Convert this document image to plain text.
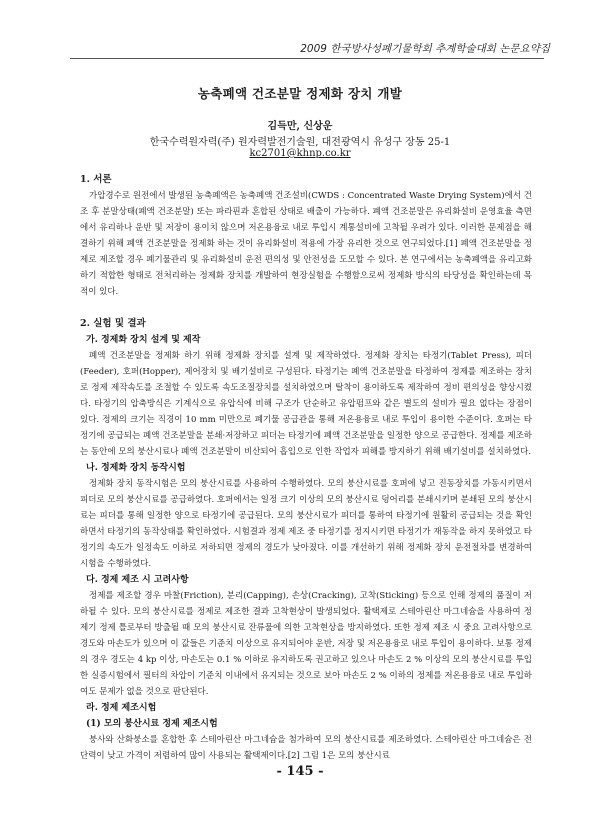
2009 한국방사성폐기물학회 추계학술대회 논문요약집
농축폐액 건조분말 정제화 장치 개발
김득만, 신상운
한국수력원자력(주) 원자력발전기술원, 대전광역시 유성구 장동 25-1
kc2701@khnp.co.kr
1. 서론

가압경수로 원전에서 발생된 농축폐액은 농축폐액 건조설비(CWDS : Concentrated Waste Drying System)에서 건조 후 분말상태(폐액 건조분말) 또는 파라핀과 혼합된 상태로 배출이 가능하다. 폐액 건조분말은 유리화설비 운영효율 측면에서 유리하나 운반 및 저장이 용이치 않으며 저온용융로 내로 투입시 계통설비에 고착될 우려가 있다. 이러한 문제점을 해결하기 위해 폐액 건조분말을 정제화 하는 것이 유리화설비 적용에 가장 유리한 것으로 연구되었다.[1] 폐액 건조분말을 정제로 제조할 경우 폐기물관리 및 유리화설비 운전 편의성 및 안전성을 도모할 수 있다. 본 연구에서는 농축폐액을 유리고화하기 적합한 형태로 전처리하는 정제화 장치를 개발하여 현장실험을 수행함으로써 정제화 방식의 타당성을 확인하는데 목적이 있다.

2. 실험 및 결과
가. 정제화 장치 설계 및 제작

폐액 건조분말을 정제화 하기 위해 정제화 장치를 설계 및 제작하였다. 정제화 장치는 타정기(Tablet Press), 피더(Feeder), 호퍼(Hopper), 제어장치 및 배기설비로 구성된다. 타정기는 폐액 건조분말을 타정하여 정제를 제조하는 장치로 정제 제작속도를 조절할 수 있도록 속도조절장치를 설치하였으며 탈착이 용이하도록 제작하여 정비 편의성을 향상시켰다. 타정기의 압축방식은 기계식으로 유압식에 비해 구조가 단순하고 유압펌프와 같은 별도의 설비가 필요 없다는 장점이 있다. 정제의 크기는 직경이 10 mm 미만으로 폐기물 공급관을 통해 저온용융로 내로 투입이 용이한 수준이다. 호퍼는 타정기에 공급되는 폐액 건조분말을 분쇄·저장하고 피더는 타정기에 폐액 건조분말을 일정한 양으로 공급한다. 정제를 제조하는 동안에 모의 붕산시료나 폐액 건조분말이 비산되어 흡입으로 인한 작업자 피해를 방지하기 위해 배기설비를 설치하였다.

나. 정제화 장치 동작시험

정제화 장치 동작시험은 모의 붕산시료를 사용하여 수행하였다. 모의 붕산시료를 호퍼에 넣고 진동장치를 가동시키면서 피더로 모의 붕산시료를 공급하였다. 호퍼에서는 일정 크기 이상의 모의 붕산시료 덩어리를 분쇄시키며 분쇄된 모의 붕산시료는 피더를 통해 일정한 양으로 타정기에 공급된다. 모의 붕산시료가 피더를 통하여 타정기에 원활히 공급되는 것을 확인하면서 타정기의 동작상태를 확인하였다. 시험결과 정제 제조 중 타정기를 정지시키면 타정기가 재동작을 하지 못하였고 타정기의 속도가 일정속도 이하로 저하되면 정제의 경도가 낮아졌다. 이를 개선하기 위해 정제화 장치 운전절차를 변경하여 시험을 수행하였다.

다. 정제 제조 시 고려사항

정제를 제조할 경우 마찰(Friction), 분리(Capping), 손상(Cracking), 고착(Sticking) 등으로 인해 정제의 품질이 저하될 수 있다. 모의 붕산시료를 정제로 제조한 결과 고착현상이 발생되었다. 활택제로 스테아린산 마그네슘을 사용하여 정제기 정제 틀로부터 방출될 때 모의 붕산시료 잔류물에 의한 고착현상을 방지하였다. 또한 정제 제조 시 중요 고려사항으로 경도와 마손도가 있으며 이 값들은 기준치 이상으로 유지되어야 운반, 저장 및 저온용융로 내로 투입이 용이하다. 보통 정제의 경우 경도는 4 kp 이상, 마손도는 0.1 % 이하로 유지하도록 권고하고 있으나 마손도 2 % 이상의 모의 붕산시료를 투입한 실증시험에서 필터의 차압이 기준치 이내에서 유지되는 것으로 보아 마손도 2 % 이하의 정제를 저온용융로 내로 투입하여도 문제가 없을 것으로 판단된다.

라. 정제 제조시험
(1) 모의 붕산시료 정제 제조시험

붕사와 산화붕소를 혼합한 후 스테아린산 마그네슘을 첨가하여 모의 붕산시료를 제조하였다. 스테아린산 마그네슘은 전단력이 낮고 가격이 저렴하여 많이 사용되는 활택제이다.[2] 그림 1은 모의 붕산시료

- 145 -
